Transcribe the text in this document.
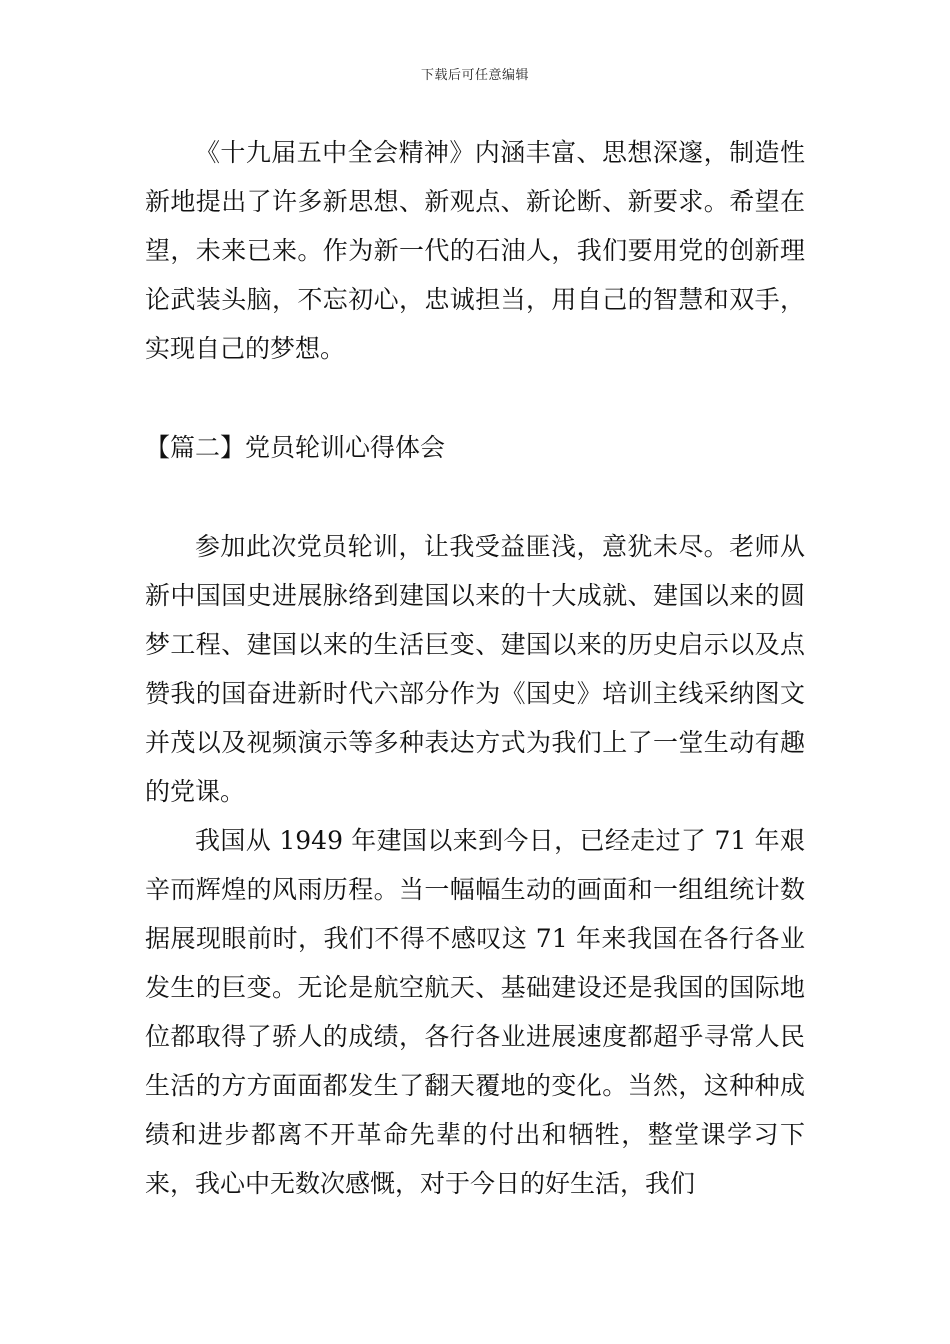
下载后可任意编辑

《十九届五中全会精神》内涵丰富、思想深邃，制造性新地提出了许多新思想、新观点、新论断、新要求。希望在望，未来已来。作为新一代的石油人，我们要用党的创新理论武装头脑，不忘初心，忠诚担当，用自己的智慧和双手，实现自己的梦想。

【篇二】党员轮训心得体会

参加此次党员轮训，让我受益匪浅，意犹未尽。老师从新中国国史进展脉络到建国以来的十大成就、建国以来的圆梦工程、建国以来的生活巨变、建国以来的历史启示以及点赞我的国奋进新时代六部分作为《国史》培训主线采纳图文并茂以及视频演示等多种表达方式为我们上了一堂生动有趣的党课。

我国从 1949 年建国以来到今日，已经走过了 71 年艰辛而辉煌的风雨历程。当一幅幅生动的画面和一组组统计数据展现眼前时，我们不得不感叹这 71 年来我国在各行各业发生的巨变。无论是航空航天、基础建设还是我国的国际地位都取得了骄人的成绩，各行各业进展速度都超乎寻常人民生活的方方面面都发生了翻天覆地的变化。当然，这种种成绩和进步都离不开革命先辈的付出和牺牲，整堂课学习下来，我心中无数次感慨，对于今日的好生活，我们
